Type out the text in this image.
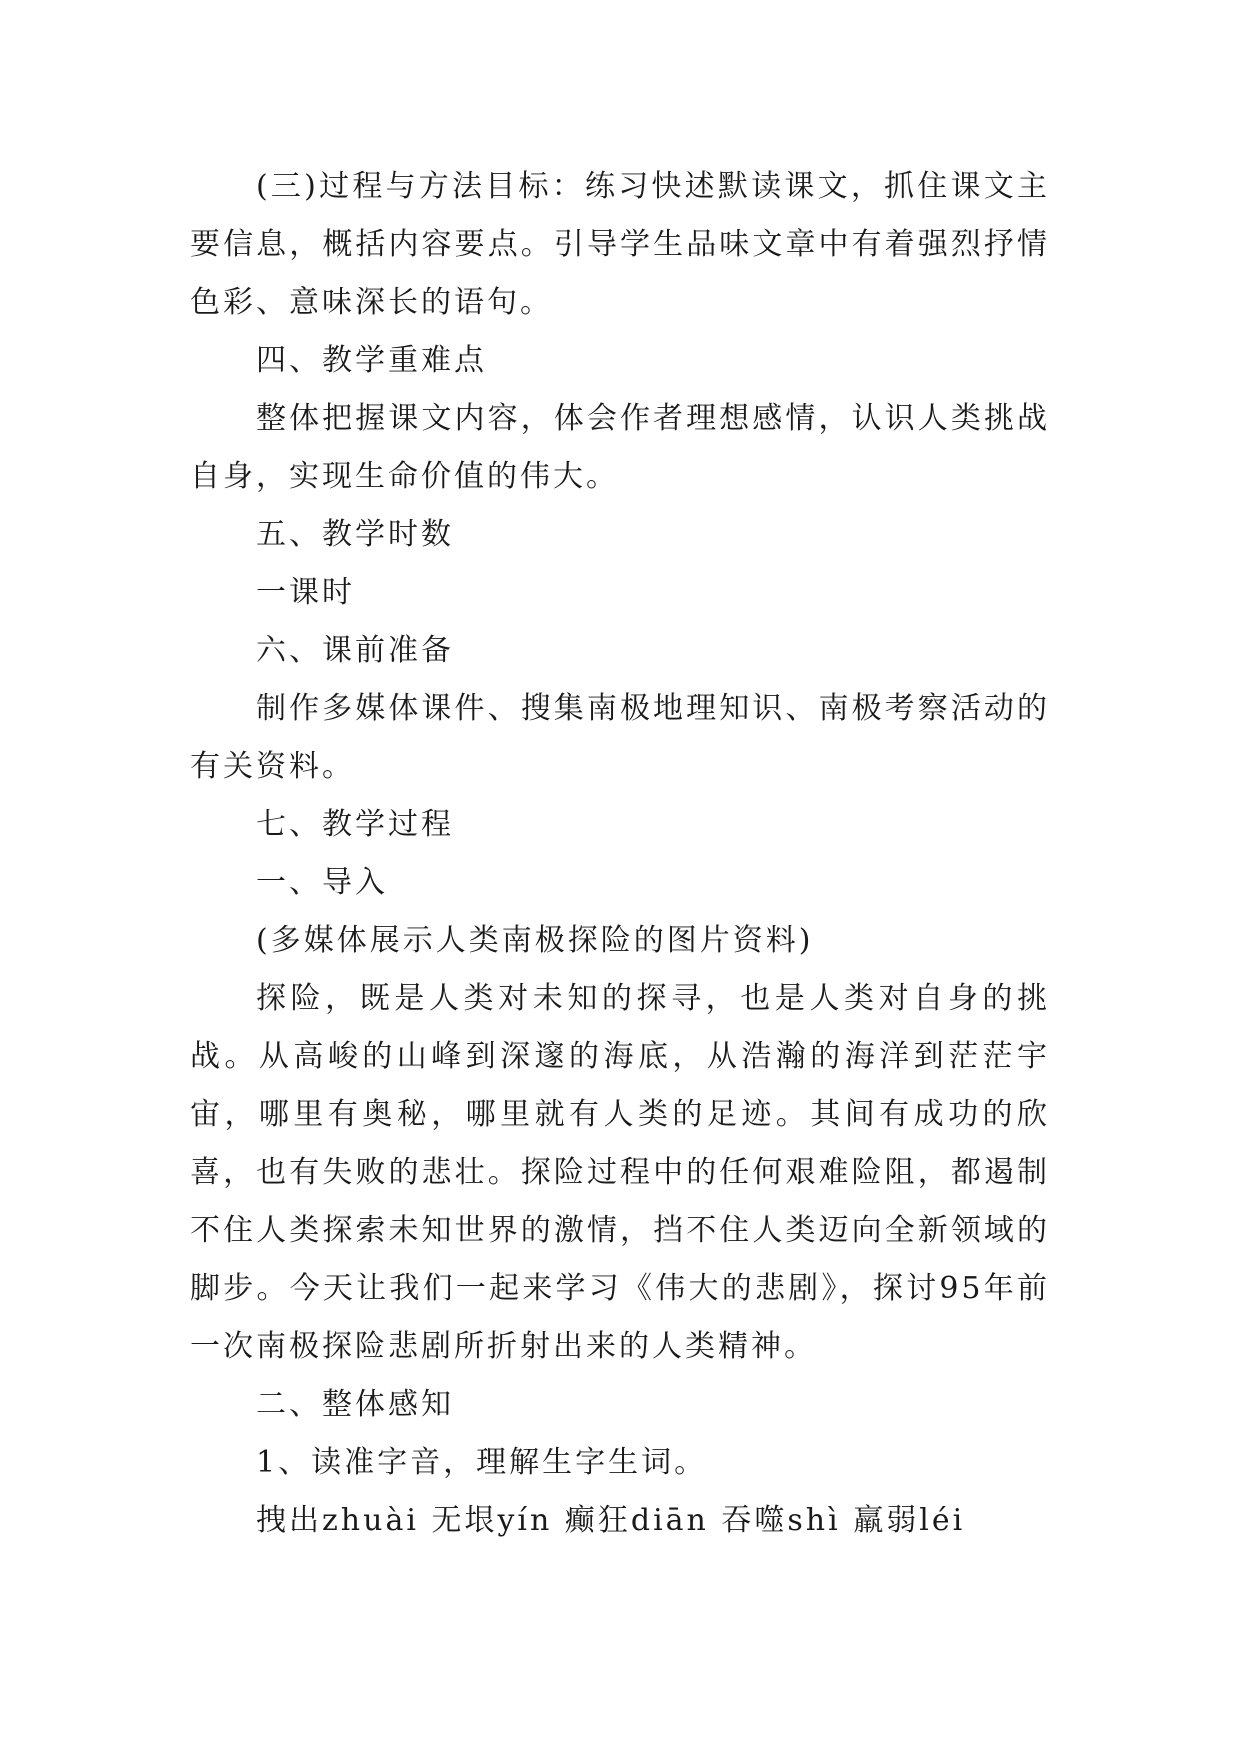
(三)过程与方法目标：练习快述默读课文，抓住课文主要信息，概括内容要点。引导学生品味文章中有着强烈抒情色彩、意味深长的语句。

四、教学重难点

整体把握课文内容，体会作者理想感情，认识人类挑战自身，实现生命价值的伟大。

五、教学时数

一课时

六、课前准备

制作多媒体课件、搜集南极地理知识、南极考察活动的有关资料。

七、教学过程

一、导入

(多媒体展示人类南极探险的图片资料)

探险，既是人类对未知的探寻，也是人类对自身的挑战。从高峻的山峰到深邃的海底，从浩瀚的海洋到茫茫宇宙，哪里有奥秘，哪里就有人类的足迹。其间有成功的欣喜，也有失败的悲壮。探险过程中的任何艰难险阻，都遏制不住人类探索未知世界的激情，挡不住人类迈向全新领域的脚步。今天让我们一起来学习《伟大的悲剧》，探讨95年前一次南极探险悲剧所折射出来的人类精神。

二、整体感知

1、读准字音，理解生字生词。

拽出zhuài 无垠yín 癫狂diān 吞噬shì 羸弱léi
